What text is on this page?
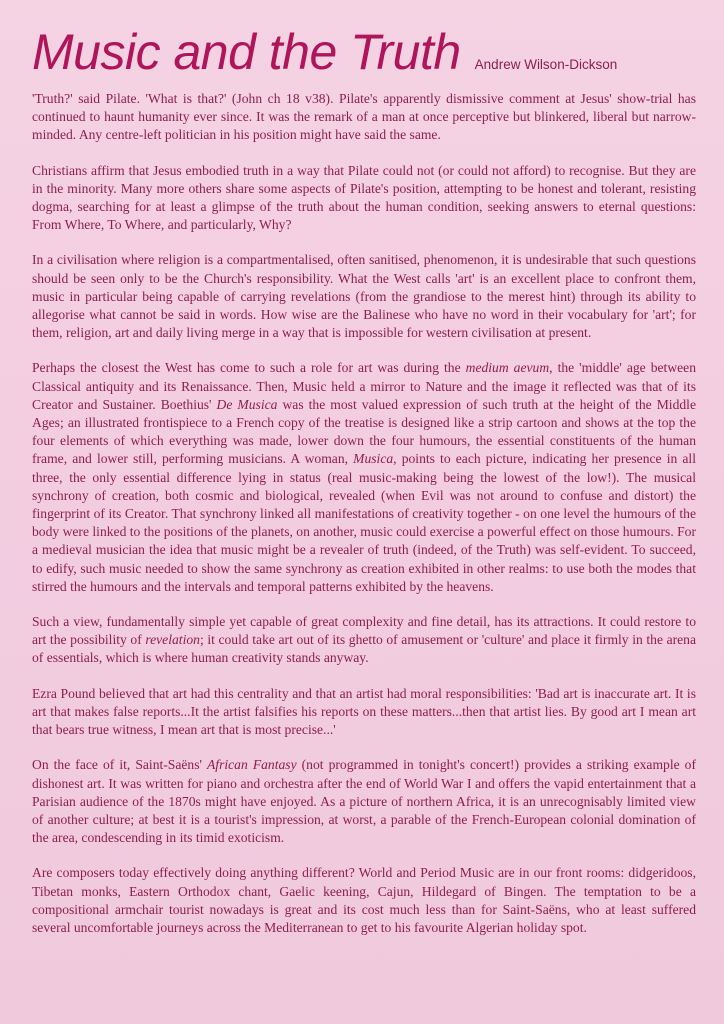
Music and the Truth Andrew Wilson-Dickson

'Truth?' said Pilate. 'What is that?' (John ch 18 v38). Pilate's apparently dismissive comment at Jesus' show-trial has continued to haunt humanity ever since. It was the remark of a man at once perceptive but blinkered, liberal but narrow-minded. Any centre-left politician in his position might have said the same.

Christians affirm that Jesus embodied truth in a way that Pilate could not (or could not afford) to recognise. But they are in the minority. Many more others share some aspects of Pilate's position, attempting to be honest and tolerant, resisting dogma, searching for at least a glimpse of the truth about the human condition, seeking answers to eternal questions: From Where, To Where, and particularly, Why?

In a civilisation where religion is a compartmentalised, often sanitised, phenomenon, it is undesirable that such questions should be seen only to be the Church's responsibility. What the West calls 'art' is an excellent place to confront them, music in particular being capable of carrying revelations (from the grandiose to the merest hint) through its ability to allegorise what cannot be said in words. How wise are the Balinese who have no word in their vocabulary for 'art'; for them, religion, art and daily living merge in a way that is impossible for western civilisation at present.

Perhaps the closest the West has come to such a role for art was during the medium aevum, the 'middle' age between Classical antiquity and its Renaissance. Then, Music held a mirror to Nature and the image it reflected was that of its Creator and Sustainer. Boethius' De Musica was the most valued expression of such truth at the height of the Middle Ages; an illustrated frontispiece to a French copy of the treatise is designed like a strip cartoon and shows at the top the four elements of which everything was made, lower down the four humours, the essential constituents of the human frame, and lower still, performing musicians. A woman, Musica, points to each picture, indicating her presence in all three, the only essential difference lying in status (real music-making being the lowest of the low!). The musical synchrony of creation, both cosmic and biological, revealed (when Evil was not around to confuse and distort) the fingerprint of its Creator. That synchrony linked all manifestations of creativity together - on one level the humours of the body were linked to the positions of the planets, on another, music could exercise a powerful effect on those humours. For a medieval musician the idea that music might be a revealer of truth (indeed, of the Truth) was self-evident. To succeed, to edify, such music needed to show the same synchrony as creation exhibited in other realms: to use both the modes that stirred the humours and the intervals and temporal patterns exhibited by the heavens.

Such a view, fundamentally simple yet capable of great complexity and fine detail, has its attractions. It could restore to art the possibility of revelation; it could take art out of its ghetto of amusement or 'culture' and place it firmly in the arena of essentials, which is where human creativity stands anyway.

Ezra Pound believed that art had this centrality and that an artist had moral responsibilities: 'Bad art is inaccurate art. It is art that makes false reports...It the artist falsifies his reports on these matters...then that artist lies. By good art I mean art that bears true witness, I mean art that is most precise...'

On the face of it, Saint-Saëns' African Fantasy (not programmed in tonight's concert!) provides a striking example of dishonest art. It was written for piano and orchestra after the end of World War I and offers the vapid entertainment that a Parisian audience of the 1870s might have enjoyed. As a picture of northern Africa, it is an unrecognisably limited view of another culture; at best it is a tourist's impression, at worst, a parable of the French-European colonial domination of the area, condescending in its timid exoticism.

Are composers today effectively doing anything different? World and Period Music are in our front rooms: didgeridoos, Tibetan monks, Eastern Orthodox chant, Gaelic keening, Cajun, Hildegard of Bingen. The temptation to be a compositional armchair tourist nowadays is great and its cost much less than for Saint-Saëns, who at least suffered several uncomfortable journeys across the Mediterranean to get to his favourite Algerian holiday spot.
